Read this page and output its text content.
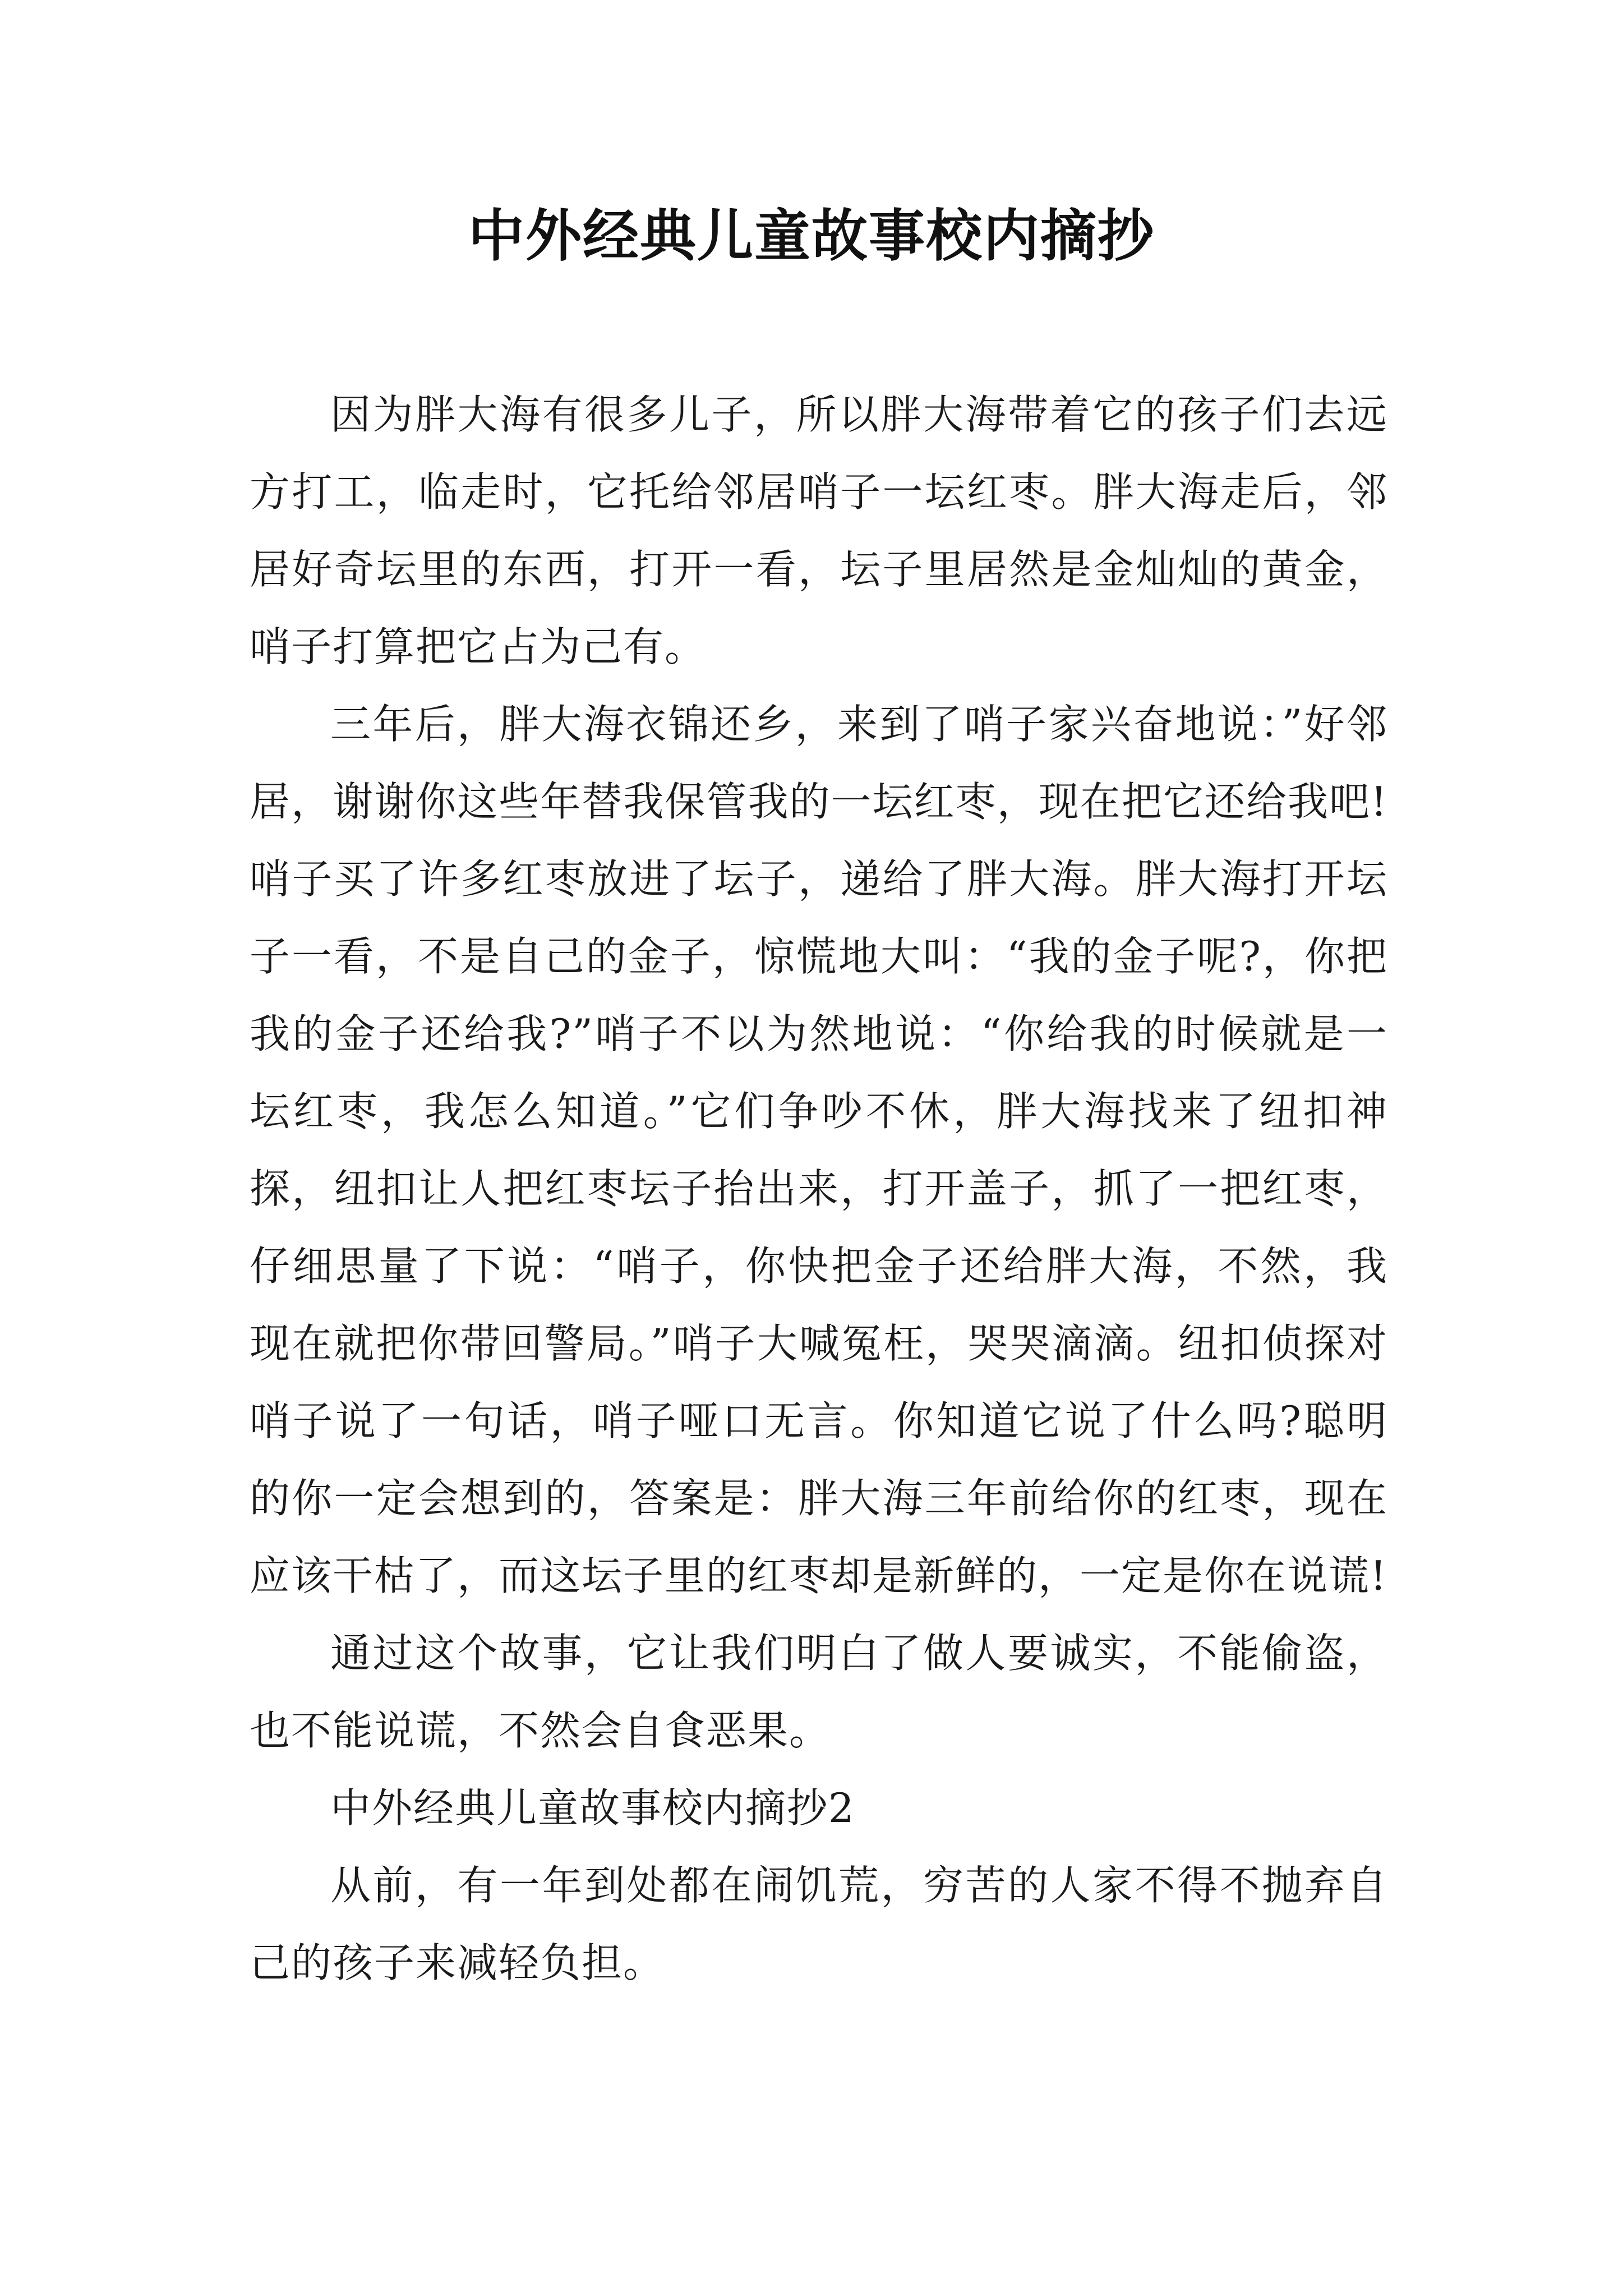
中外经典儿童故事校内摘抄

因为胖大海有很多儿子，所以胖大海带着它的孩子们去远方打工，临走时，它托给邻居哨子一坛红枣。胖大海走后，邻居好奇坛里的东西，打开一看，坛子里居然是金灿灿的黄金，哨子打算把它占为己有。

三年后，胖大海衣锦还乡，来到了哨子家兴奋地说：”好邻居，谢谢你这些年替我保管我的一坛红枣，现在把它还给我吧!哨子买了许多红枣放进了坛子，递给了胖大海。胖大海打开坛子一看，不是自己的金子，惊慌地大叫：“我的金子呢?，你把我的金子还给我?”哨子不以为然地说：“你给我的时候就是一坛红枣，我怎么知道。”它们争吵不休，胖大海找来了纽扣神探，纽扣让人把红枣坛子抬出来，打开盖子，抓了一把红枣，仔细思量了下说：“哨子，你快把金子还给胖大海，不然，我现在就把你带回警局。”哨子大喊冤枉，哭哭滴滴。纽扣侦探对哨子说了一句话，哨子哑口无言。你知道它说了什么吗?聪明的你一定会想到的，答案是：胖大海三年前给你的红枣，现在应该干枯了，而这坛子里的红枣却是新鲜的，一定是你在说谎!

通过这个故事，它让我们明白了做人要诚实，不能偷盗，也不能说谎，不然会自食恶果。

中外经典儿童故事校内摘抄2

从前，有一年到处都在闹饥荒，穷苦的人家不得不抛弃自己的孩子来减轻负担。
